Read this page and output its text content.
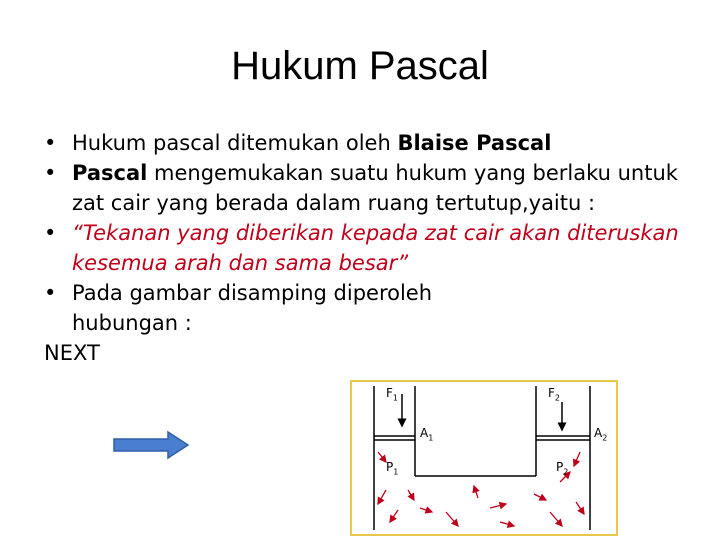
Hukum Pascal
• Hukum pascal ditemukan oleh Blaise Pascal
• Pascal mengemukakan suatu hukum yang berlaku untuk zat cair yang berada dalam ruang tertutup,yaitu :
• “Tekanan yang diberikan kepada zat cair akan diteruskan kesemua arah dan sama besar”
• Pada gambar disamping diperoleh hubungan :
NEXT
$F_1$	$F_2$
$A_1$	$A_2$
$P_1$	$P_2$
